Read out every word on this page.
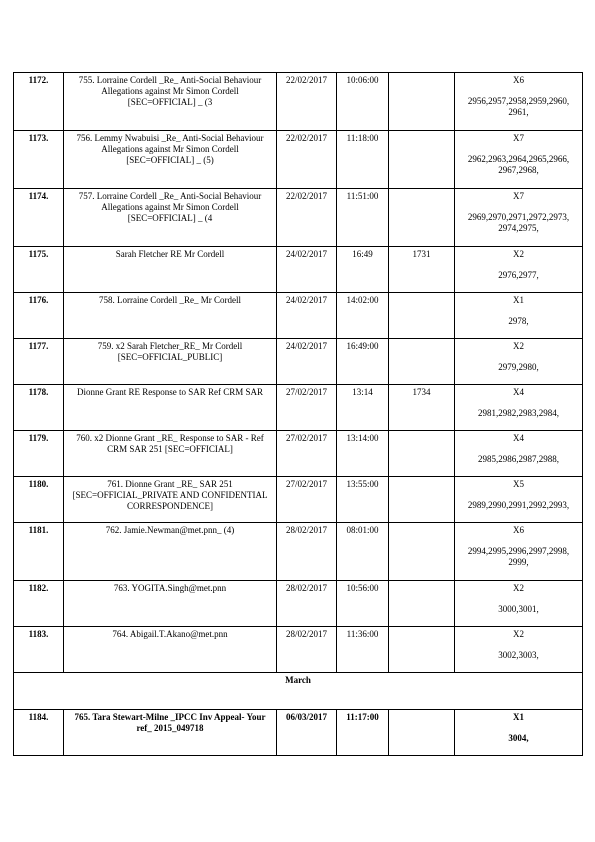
1172.	755. Lorraine Cordell _Re_ Anti-Social Behaviour Allegations against Mr Simon Cordell [SEC=OFFICIAL] _ (3	22/02/2017	10:06:00		X6
2956,2957,2958,2959,2960, 2961,

1173.	756. Lemmy Nwabuisi _Re_ Anti-Social Behaviour Allegations against Mr Simon Cordell [SEC=OFFICIAL] _ (5)	22/02/2017	11:18:00		X7
2962,2963,2964,2965,2966, 2967,2968,

1174.	757. Lorraine Cordell _Re_ Anti-Social Behaviour Allegations against Mr Simon Cordell [SEC=OFFICIAL] _ (4	22/02/2017	11:51:00		X7
2969,2970,2971,2972,2973, 2974,2975,

1175.	Sarah Fletcher RE Mr Cordell	24/02/2017	16:49	1731	X2
2976,2977,

1176.	758. Lorraine Cordell _Re_ Mr Cordell	24/02/2017	14:02:00		X1
2978,

1177.	759. x2 Sarah Fletcher_RE_ Mr Cordell [SEC=OFFICIAL_PUBLIC]	24/02/2017	16:49:00		X2
2979,2980,

1178.	Dionne Grant RE Response to SAR Ref CRM SAR	27/02/2017	13:14	1734	X4
2981,2982,2983,2984,

1179.	760. x2 Dionne Grant _RE_ Response to SAR - Ref CRM SAR 251 [SEC=OFFICIAL]	27/02/2017	13:14:00		X4
2985,2986,2987,2988,

1180.	761. Dionne Grant _RE_ SAR 251 [SEC=OFFICIAL_PRIVATE AND CONFIDENTIAL CORRESPONDENCE]	27/02/2017	13:55:00		X5
2989,2990,2991,2992,2993,

1181.	762. Jamie.Newman@met.pnn_ (4)	28/02/2017	08:01:00		X6
2994,2995,2996,2997,2998, 2999,

1182.	763. YOGITA.Singh@met.pnn	28/02/2017	10:56:00		X2
3000,3001,

1183.	764. Abigail.T.Akano@met.pnn	28/02/2017	11:36:00		X2
3002,3003,

March					
1184.	765. Tara Stewart-Milne _IPCC Inv Appeal- Your ref_ 2015_049718	06/03/2017	11:17:00		X1
3004,
